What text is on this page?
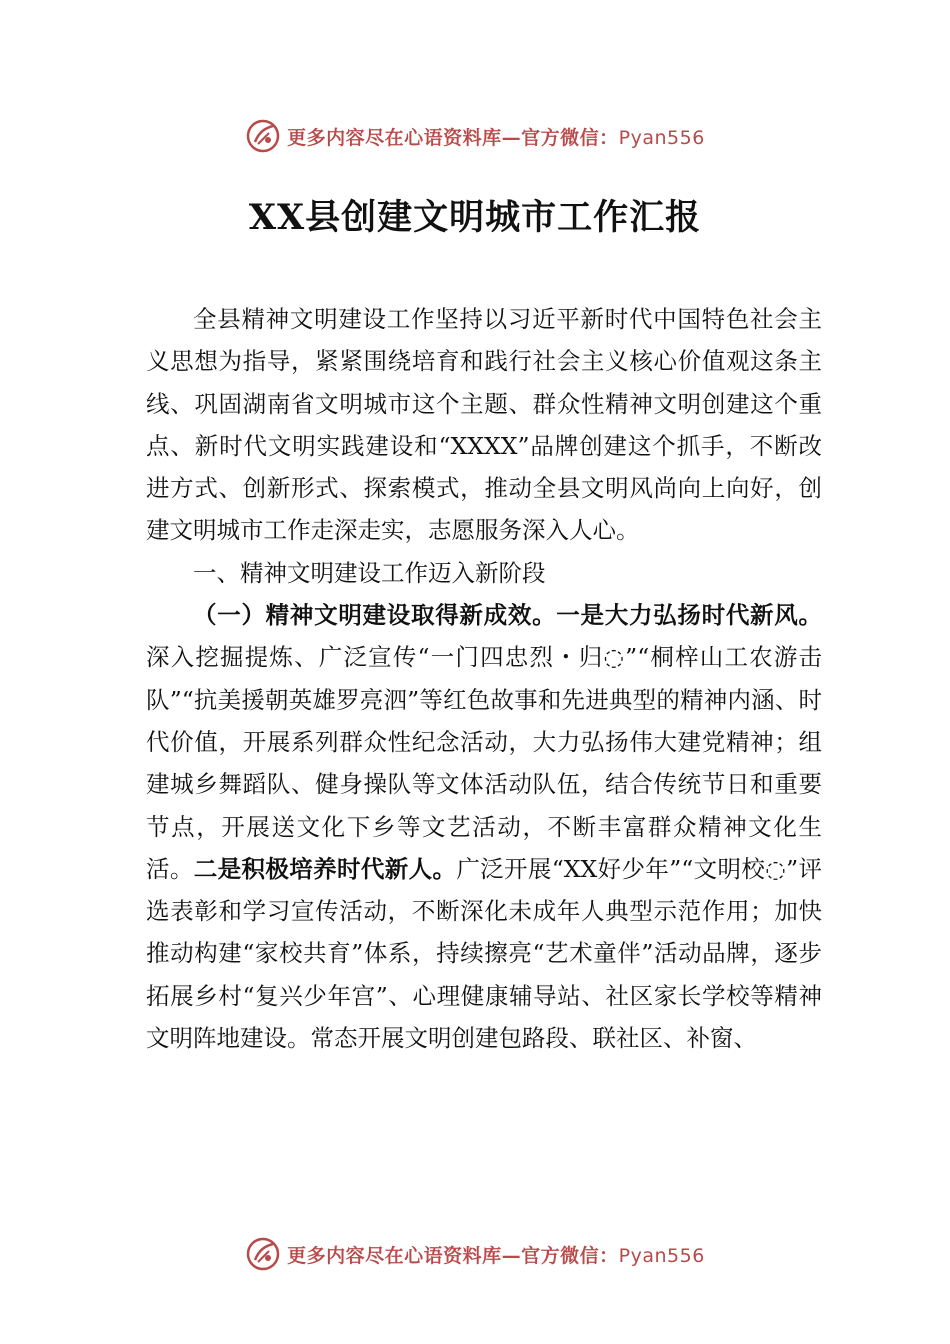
更多内容尽在心语资料库—官方微信：Pyan556
XX县创建文明城市工作汇报

全县精神文明建设工作坚持以习近平新时代中国特色社会主义思想为指导，紧紧围绕培育和践行社会主义核心价值观这条主线、巩固湖南省文明城市这个主题、群众性精神文明创建这个重点、新时代文明实践建设和“XXXX”品牌创建这个抓手，不断改进方式、创新形式、探索模式，推动全县文明风尚向上向好，创建文明城市工作走深走实，志愿服务深入人心。

一、精神文明建设工作迈入新阶段

（一）精神文明建设取得新成效。一是大力弘扬时代新风。深入挖掘提炼、广泛宣传“一门四忠烈・归◌”“桐梓山工农游击队”“抗美援朝英雄罗亮泗”等红色故事和先进典型的精神内涵、时代价值，开展系列群众性纪念活动，大力弘扬伟大建党精神；组建城乡舞蹈队、健身操队等文体活动队伍，结合传统节日和重要节点，开展送文化下乡等文艺活动，不断丰富群众精神文化生活。二是积极培养时代新人。广泛开展“XX好少年”“文明校◌”评选表彰和学习宣传活动，不断深化未成年人典型示范作用；加快推动构建“家校共育”体系，持续擦亮“艺术童伴”活动品牌，逐步拓展乡村“复兴少年宫”、心理健康辅导站、社区家长学校等精神文明阵地建设。常态开展文明创建包路段、联社区、补窗、

更多内容尽在心语资料库—官方微信：Pyan556
